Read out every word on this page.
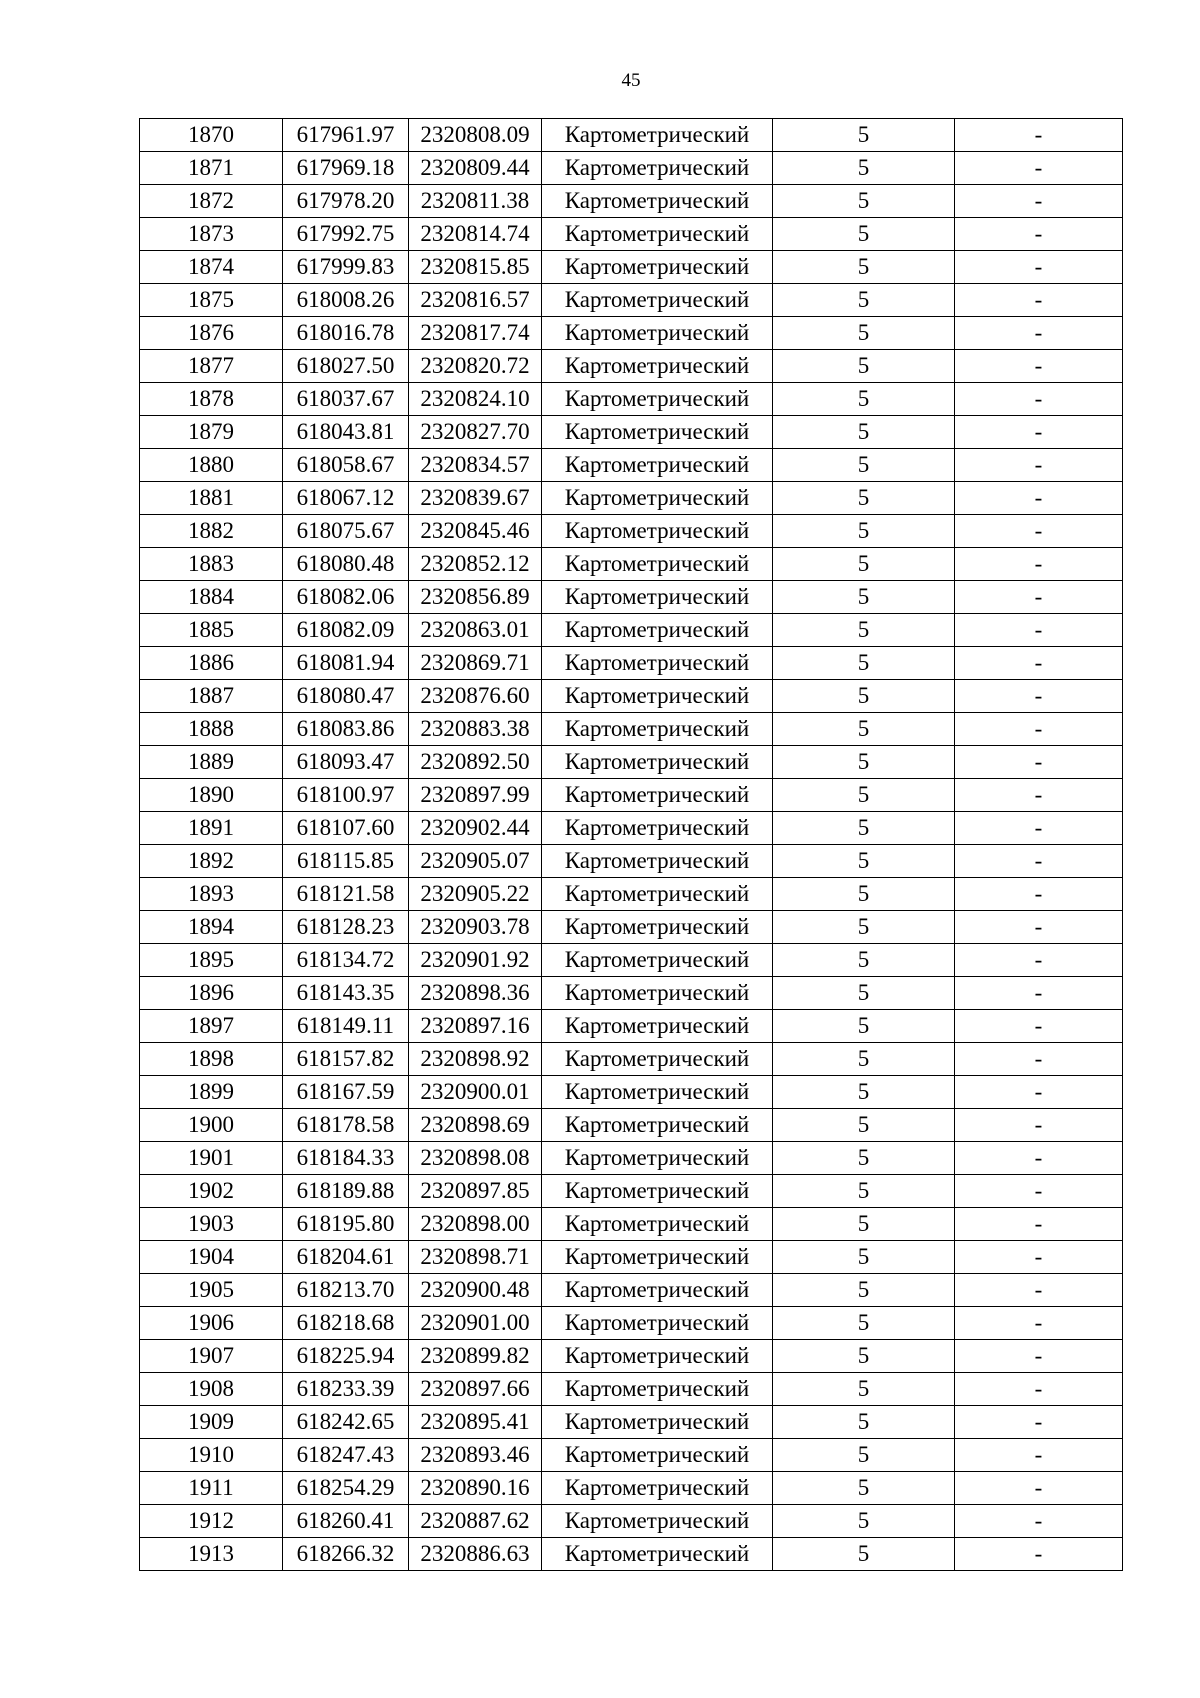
45
1870	617961.97	2320808.09	Картометрический	5	-
1871	617969.18	2320809.44	Картометрический	5	-
1872	617978.20	2320811.38	Картометрический	5	-
1873	617992.75	2320814.74	Картометрический	5	-
1874	617999.83	2320815.85	Картометрический	5	-
1875	618008.26	2320816.57	Картометрический	5	-
1876	618016.78	2320817.74	Картометрический	5	-
1877	618027.50	2320820.72	Картометрический	5	-
1878	618037.67	2320824.10	Картометрический	5	-
1879	618043.81	2320827.70	Картометрический	5	-
1880	618058.67	2320834.57	Картометрический	5	-
1881	618067.12	2320839.67	Картометрический	5	-
1882	618075.67	2320845.46	Картометрический	5	-
1883	618080.48	2320852.12	Картометрический	5	-
1884	618082.06	2320856.89	Картометрический	5	-
1885	618082.09	2320863.01	Картометрический	5	-
1886	618081.94	2320869.71	Картометрический	5	-
1887	618080.47	2320876.60	Картометрический	5	-
1888	618083.86	2320883.38	Картометрический	5	-
1889	618093.47	2320892.50	Картометрический	5	-
1890	618100.97	2320897.99	Картометрический	5	-
1891	618107.60	2320902.44	Картометрический	5	-
1892	618115.85	2320905.07	Картометрический	5	-
1893	618121.58	2320905.22	Картометрический	5	-
1894	618128.23	2320903.78	Картометрический	5	-
1895	618134.72	2320901.92	Картометрический	5	-
1896	618143.35	2320898.36	Картометрический	5	-
1897	618149.11	2320897.16	Картометрический	5	-
1898	618157.82	2320898.92	Картометрический	5	-
1899	618167.59	2320900.01	Картометрический	5	-
1900	618178.58	2320898.69	Картометрический	5	-
1901	618184.33	2320898.08	Картометрический	5	-
1902	618189.88	2320897.85	Картометрический	5	-
1903	618195.80	2320898.00	Картометрический	5	-
1904	618204.61	2320898.71	Картометрический	5	-
1905	618213.70	2320900.48	Картометрический	5	-
1906	618218.68	2320901.00	Картометрический	5	-
1907	618225.94	2320899.82	Картометрический	5	-
1908	618233.39	2320897.66	Картометрический	5	-
1909	618242.65	2320895.41	Картометрический	5	-
1910	618247.43	2320893.46	Картометрический	5	-
1911	618254.29	2320890.16	Картометрический	5	-
1912	618260.41	2320887.62	Картометрический	5	-
1913	618266.32	2320886.63	Картометрический	5	-
